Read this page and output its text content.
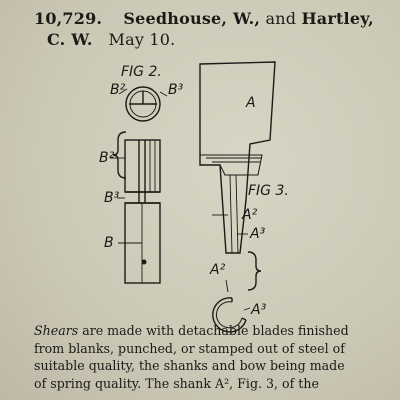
10,729. Seedhouse, W., and Hartley,
C. W. May 10.
FIG 2.
B²	B³
B²
B³
B
A
FIG 3.
A²
A³
A²
A³
Shears are made with detachable blades finished
from blanks, punched, or stamped out of steel of
suitable quality, the shanks and bow being made
of spring quality. The shank A², Fig. 3, of the
